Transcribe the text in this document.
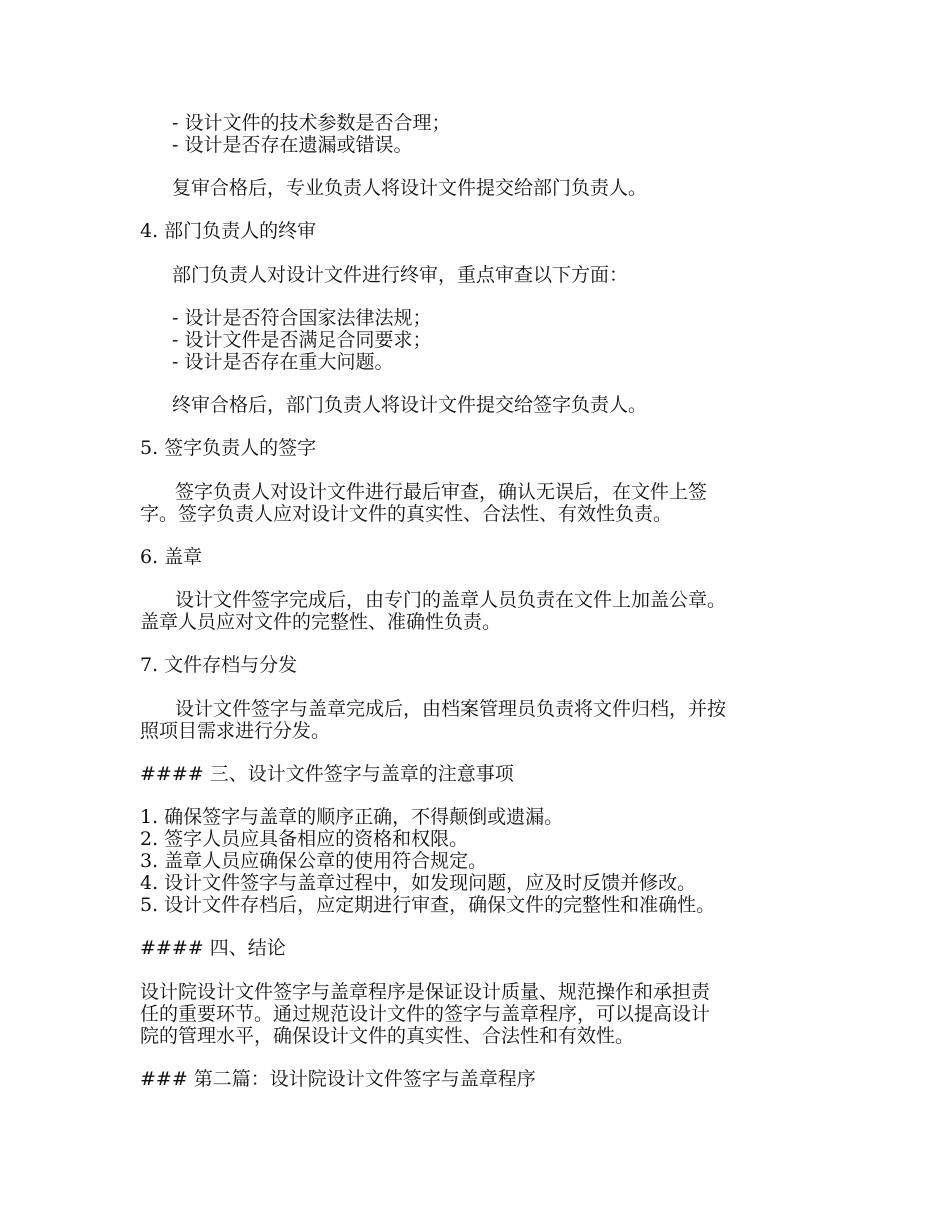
- 设计文件的技术参数是否合理；
- 设计是否存在遗漏或错误。
复审合格后，专业负责人将设计文件提交给部门负责人。
4. 部门负责人的终审
部门负责人对设计文件进行终审，重点审查以下方面：
- 设计是否符合国家法律法规；
- 设计文件是否满足合同要求；
- 设计是否存在重大问题。
终审合格后，部门负责人将设计文件提交给签字负责人。
5. 签字负责人的签字
签字负责人对设计文件进行最后审查，确认无误后，在文件上签
字。签字负责人应对设计文件的真实性、合法性、有效性负责。
6. 盖章
设计文件签字完成后，由专门的盖章人员负责在文件上加盖公章。
盖章人员应对文件的完整性、准确性负责。
7. 文件存档与分发
设计文件签字与盖章完成后，由档案管理员负责将文件归档，并按
照项目需求进行分发。
#### 三、设计文件签字与盖章的注意事项
1. 确保签字与盖章的顺序正确，不得颠倒或遗漏。
2. 签字人员应具备相应的资格和权限。
3. 盖章人员应确保公章的使用符合规定。
4. 设计文件签字与盖章过程中，如发现问题，应及时反馈并修改。
5. 设计文件存档后，应定期进行审查，确保文件的完整性和准确性。
#### 四、结论
设计院设计文件签字与盖章程序是保证设计质量、规范操作和承担责
任的重要环节。通过规范设计文件的签字与盖章程序，可以提高设计
院的管理水平，确保设计文件的真实性、合法性和有效性。
### 第二篇：设计院设计文件签字与盖章程序
